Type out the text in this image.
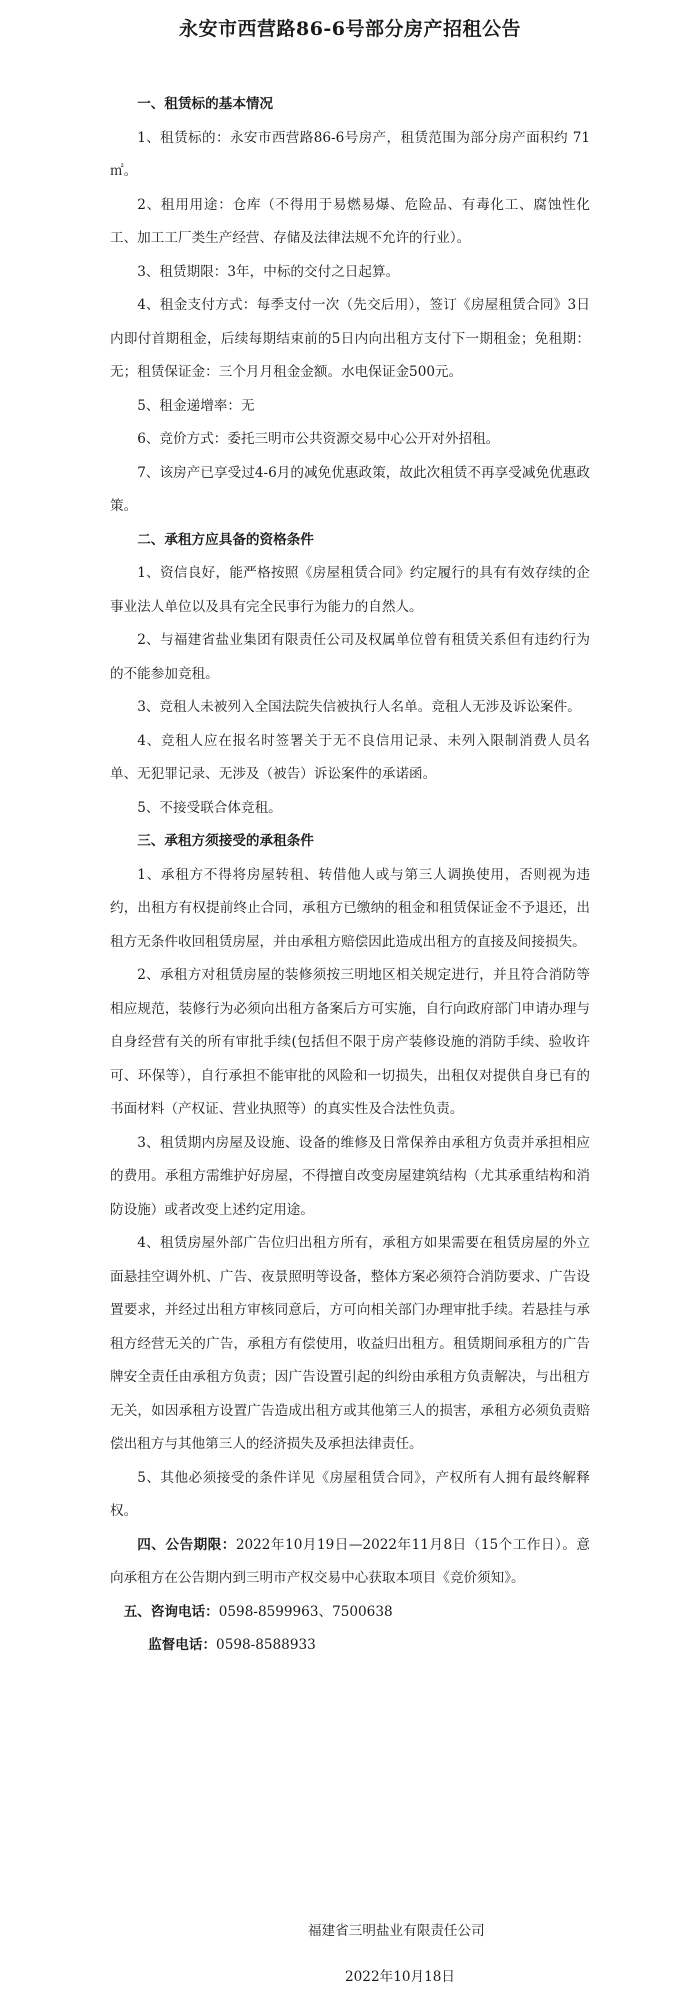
永安市西营路86-6号部分房产招租公告

一、租赁标的基本情况

1、租赁标的：永安市西营路86-6号房产，租赁范围为部分房产面积约 71 ㎡。

2、租用用途：仓库（不得用于易燃易爆、危险品、有毒化工、腐蚀性化工、加工工厂类生产经营、存储及法律法规不允许的行业）。

3、租赁期限：3年，中标的交付之日起算。

4、租金支付方式：每季支付一次（先交后用），签订《房屋租赁合同》3日内即付首期租金，后续每期结束前的5日内向出租方支付下一期租金；免租期：无；租赁保证金：三个月月租金金额。水电保证金500元。

5、租金递增率：无

6、竞价方式：委托三明市公共资源交易中心公开对外招租。

7、该房产已享受过4-6月的减免优惠政策，故此次租赁不再享受减免优惠政策。

二、承租方应具备的资格条件

1、资信良好，能严格按照《房屋租赁合同》约定履行的具有有效存续的企事业法人单位以及具有完全民事行为能力的自然人。

2、与福建省盐业集团有限责任公司及权属单位曾有租赁关系但有违约行为的不能参加竞租。

3、竞租人未被列入全国法院失信被执行人名单。竞租人无涉及诉讼案件。

4、竞租人应在报名时签署关于无不良信用记录、未列入限制消费人员名单、无犯罪记录、无涉及（被告）诉讼案件的承诺函。

5、不接受联合体竞租。

三、承租方须接受的承租条件

1、承租方不得将房屋转租、转借他人或与第三人调换使用，否则视为违约，出租方有权提前终止合同，承租方已缴纳的租金和租赁保证金不予退还，出租方无条件收回租赁房屋，并由承租方赔偿因此造成出租方的直接及间接损失。

2、承租方对租赁房屋的装修须按三明地区相关规定进行，并且符合消防等相应规范，装修行为必须向出租方备案后方可实施，自行向政府部门申请办理与自身经营有关的所有审批手续(包括但不限于房产装修设施的消防手续、验收许可、环保等），自行承担不能审批的风险和一切损失，出租仅对提供自身已有的书面材料（产权证、营业执照等）的真实性及合法性负责。

3、租赁期内房屋及设施、设备的维修及日常保养由承租方负责并承担相应的费用。承租方需维护好房屋，不得擅自改变房屋建筑结构（尤其承重结构和消防设施）或者改变上述约定用途。

4、租赁房屋外部广告位归出租方所有，承租方如果需要在租赁房屋的外立面悬挂空调外机、广告、夜景照明等设备，整体方案必须符合消防要求、广告设置要求，并经过出租方审核同意后，方可向相关部门办理审批手续。若悬挂与承租方经营无关的广告，承租方有偿使用，收益归出租方。租赁期间承租方的广告牌安全责任由承租方负责；因广告设置引起的纠纷由承租方负责解决，与出租方无关，如因承租方设置广告造成出租方或其他第三人的损害，承租方必须负责赔偿出租方与其他第三人的经济损失及承担法律责任。

5、其他必须接受的条件详见《房屋租赁合同》，产权所有人拥有最终解释权。

四、公告期限：2022年10月19日—2022年11月8日（15个工作日）。意向承租方在公告期内到三明市产权交易中心获取本项目《竞价须知》。

五、咨询电话：0598-8599963、7500638

监督电话：0598-8588933

福建省三明盐业有限责任公司
2022年10月18日
